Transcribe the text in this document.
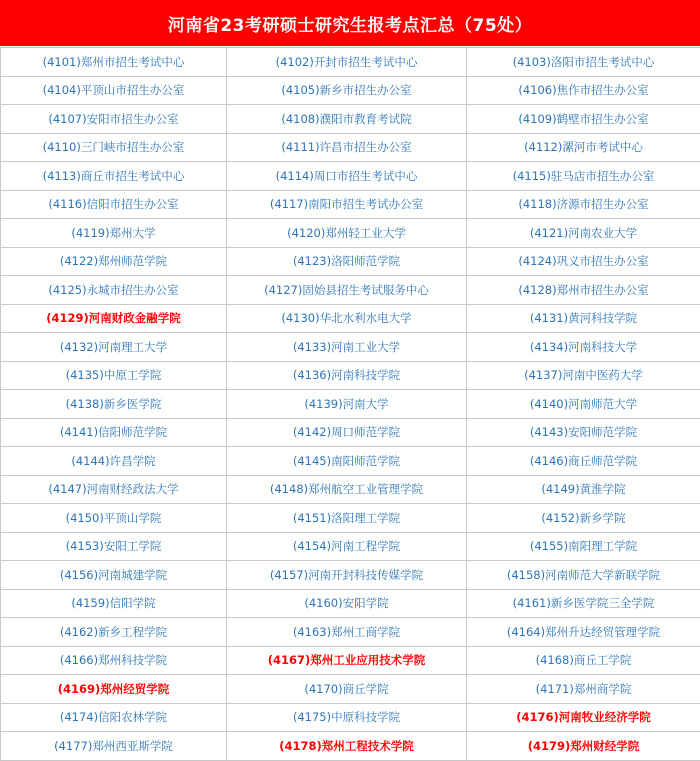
河南省23考研硕士研究生报考点汇总（75处）
(4101)郑州市招生考试中心	(4102)开封市招生考试中心	(4103)洛阳市招生考试中心
(4104)平顶山市招生办公室	(4105)新乡市招生办公室	(4106)焦作市招生办公室
(4107)安阳市招生办公室	(4108)濮阳市教育考试院	(4109)鹤壁市招生办公室
(4110)三门峡市招生办公室	(4111)许昌市招生办公室	(4112)漯河市考试中心
(4113)商丘市招生考试中心	(4114)周口市招生考试中心	(4115)驻马店市招生办公室
(4116)信阳市招生办公室	(4117)南阳市招生考试办公室	(4118)济源市招生办公室
(4119)郑州大学	(4120)郑州轻工业大学	(4121)河南农业大学
(4122)郑州师范学院	(4123)洛阳师范学院	(4124)巩义市招生办公室
(4125)永城市招生办公室	(4127)固始县招生考试服务中心	(4128)郑州市招生办公室
(4129)河南财政金融学院	(4130)华北水利水电大学	(4131)黄河科技学院
(4132)河南理工大学	(4133)河南工业大学	(4134)河南科技大学
(4135)中原工学院	(4136)河南科技学院	(4137)河南中医药大学
(4138)新乡医学院	(4139)河南大学	(4140)河南师范大学
(4141)信阳师范学院	(4142)周口师范学院	(4143)安阳师范学院
(4144)许昌学院	(4145)南阳师范学院	(4146)商丘师范学院
(4147)河南财经政法大学	(4148)郑州航空工业管理学院	(4149)黄淮学院
(4150)平顶山学院	(4151)洛阳理工学院	(4152)新乡学院
(4153)安阳工学院	(4154)河南工程学院	(4155)南阳理工学院
(4156)河南城建学院	(4157)河南开封科技传媒学院	(4158)河南师范大学新联学院
(4159)信阳学院	(4160)安阳学院	(4161)新乡医学院三全学院
(4162)新乡工程学院	(4163)郑州工商学院	(4164)郑州升达经贸管理学院
(4166)郑州科技学院	(4167)郑州工业应用技术学院	(4168)商丘工学院
(4169)郑州经贸学院	(4170)商丘学院	(4171)郑州商学院
(4174)信阳农林学院	(4175)中原科技学院	(4176)河南牧业经济学院
(4177)郑州西亚斯学院	(4178)郑州工程技术学院	(4179)郑州财经学院
